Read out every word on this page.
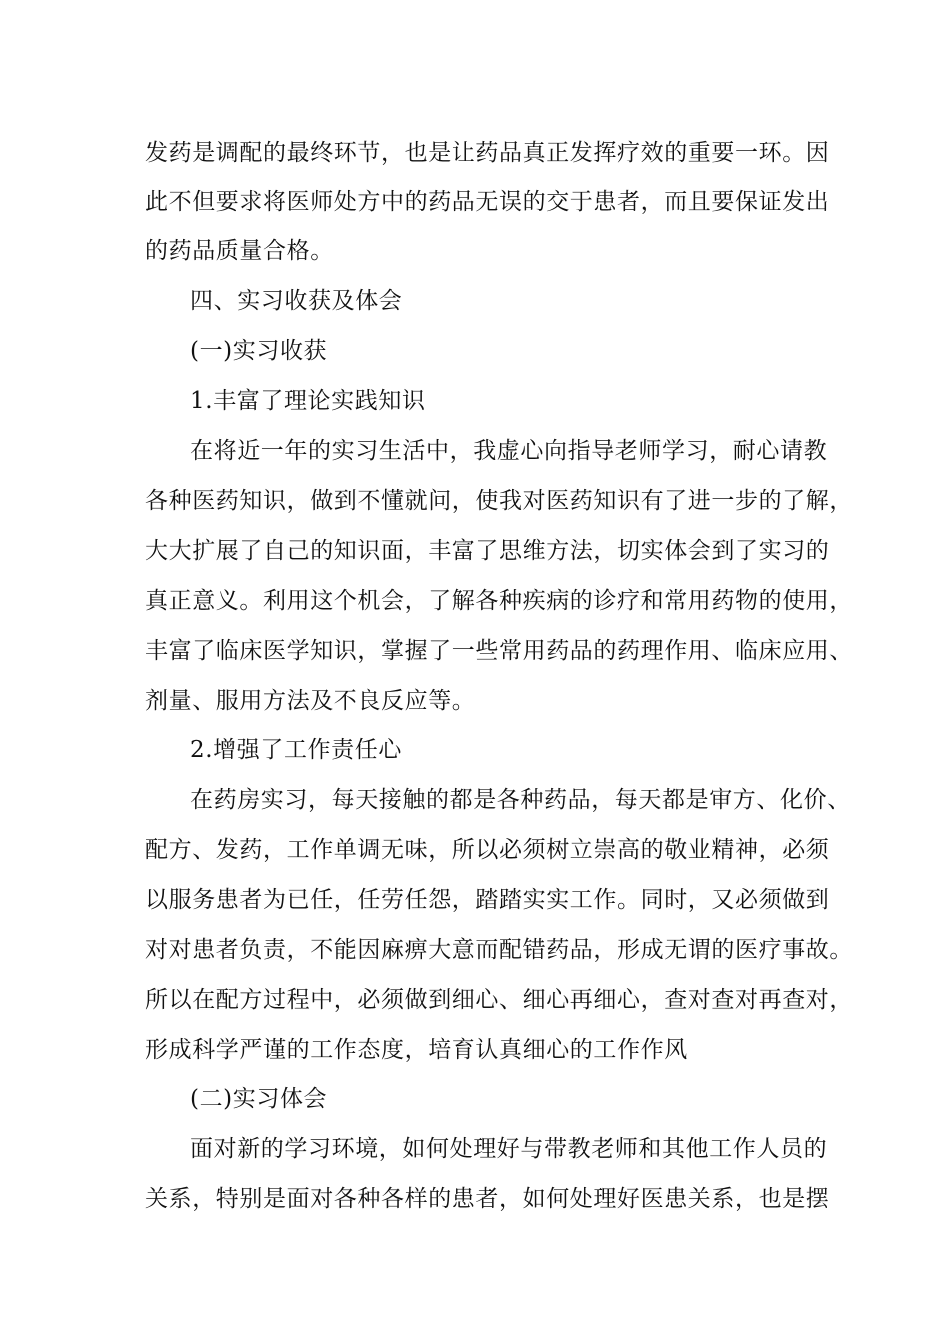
发药是调配的最终环节，也是让药品真正发挥疗效的重要一环。因
此不但要求将医师处方中的药品无误的交于患者，而且要保证发出
的药品质量合格。
四、实习收获及体会
(一)实习收获
1.丰富了理论实践知识
在将近一年的实习生活中，我虚心向指导老师学习，耐心请教
各种医药知识，做到不懂就问，使我对医药知识有了进一步的了解，
大大扩展了自己的知识面，丰富了思维方法，切实体会到了实习的
真正意义。利用这个机会，了解各种疾病的诊疗和常用药物的使用，
丰富了临床医学知识，掌握了一些常用药品的药理作用、临床应用、
剂量、服用方法及不良反应等。
2.增强了工作责任心
在药房实习，每天接触的都是各种药品，每天都是审方、化价、
配方、发药，工作单调无味，所以必须树立崇高的敬业精神，必须
以服务患者为已任，任劳任怨，踏踏实实工作。同时，又必须做到
对对患者负责，不能因麻痹大意而配错药品，形成无谓的医疗事故。
所以在配方过程中，必须做到细心、细心再细心，查对查对再查对，
形成科学严谨的工作态度，培育认真细心的工作作风
(二)实习体会
面对新的学习环境，如何处理好与带教老师和其他工作人员的
关系，特别是面对各种各样的患者，如何处理好医患关系，也是摆
